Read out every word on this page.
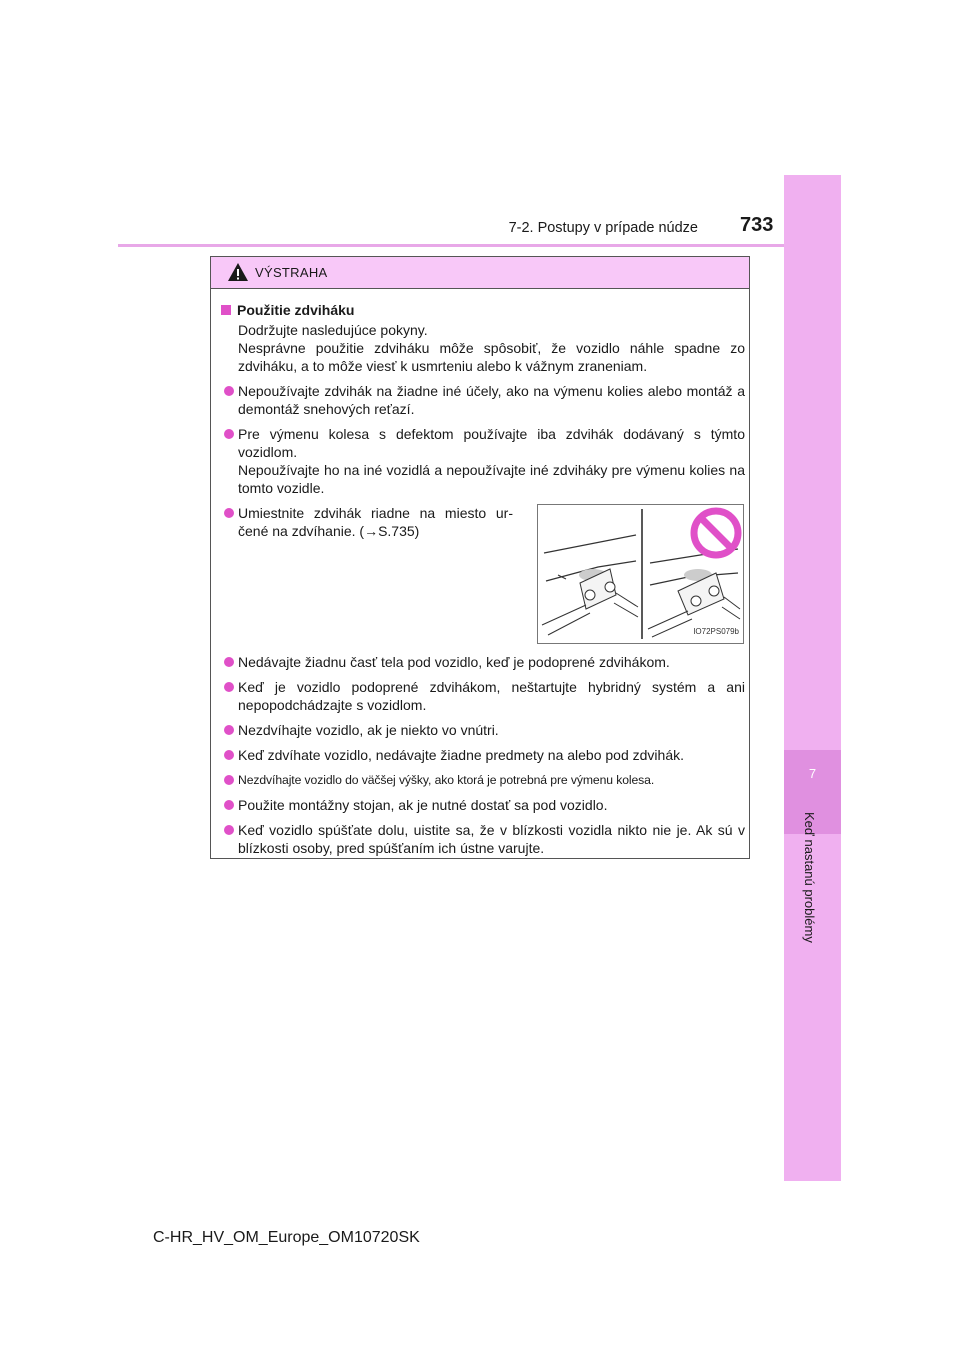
7-2. Postupy v prípade núdze 733
7
Keď nastanú problémy
VÝSTRAHA
Použitie zdviháku
Dodržujte nasledujúce pokyny.
Nesprávne použitie zdviháku môže spôsobiť, že vozidlo náhle spadne zo zdviháku, a to môže viesť k usmrteniu alebo k vážnym zraneniam.
Nepoužívajte zdvihák na žiadne iné účely, ako na výmenu kolies alebo montáž a demontáž snehových reťazí.
Pre výmenu kolesa s defektom používajte iba zdvihák dodávaný s týmto vozidlom.
Nepoužívajte ho na iné vozidlá a nepoužívajte iné zdviháky pre výmenu kolies na tomto vozidle.
Umiestnite zdvihák riadne na miesto ur-čené na zdvíhanie. (→S.735)
IO72PS079b
Nedávajte žiadnu časť tela pod vozidlo, keď je podoprené zdvihákom.
Keď je vozidlo podoprené zdvihákom, neštartujte hybridný systém a ani nepopodchádzajte s vozidlom.
Nezdvíhajte vozidlo, ak je niekto vo vnútri.
Keď zdvíhate vozidlo, nedávajte žiadne predmety na alebo pod zdvihák.
Nezdvíhajte vozidlo do väčšej výšky, ako ktorá je potrebná pre výmenu kolesa.
Použite montážny stojan, ak je nutné dostať sa pod vozidlo.
Keď vozidlo spúšťate dolu, uistite sa, že v blízkosti vozidla nikto nie je. Ak sú v blízkosti osoby, pred spúšťaním ich ústne varujte.
C-HR_HV_OM_Europe_OM10720SK
